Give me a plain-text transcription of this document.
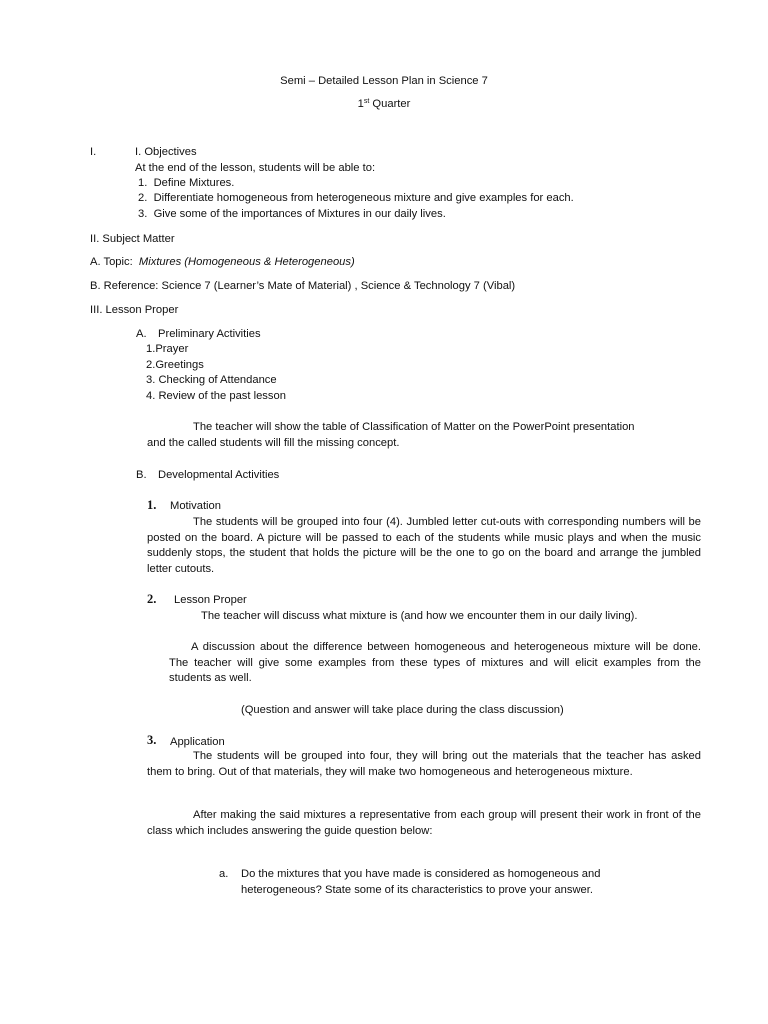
Semi – Detailed Lesson Plan in Science 7
1st Quarter
I.	I. Objectives
At the end of the lesson, students will be able to:
1. Define Mixtures.
2. Differentiate homogeneous from heterogeneous mixture and give examples for each.
3. Give some of the importances of Mixtures in our daily lives.
II. Subject Matter
A. Topic: Mixtures (Homogeneous & Heterogeneous)
B. Reference: Science 7 (Learner’s Mate of Material) , Science & Technology 7 (Vibal)
III. Lesson Proper
A. Preliminary Activities
1.Prayer
2.Greetings
3. Checking of Attendance
4. Review of the past lesson
The teacher will show the table of Classification of Matter on the PowerPoint presentation
and the called students will fill the missing concept.
B. Developmental Activities
1. Motivation
The students will be grouped into four (4). Jumbled letter cut-outs with corresponding numbers will be posted on the board. A picture will be passed to each of the students while music plays and when the music suddenly stops, the student that holds the picture will be the one to go on the board and arrange the jumbled letter cutouts.
2. Lesson Proper
The teacher will discuss what mixture is (and how we encounter them in our daily living).
A discussion about the difference between homogeneous and heterogeneous mixture will be done. The teacher will give some examples from these types of mixtures and will elicit examples from the students as well.
(Question and answer will take place during the class discussion)
3. Application
The students will be grouped into four, they will bring out the materials that the teacher has asked them to bring. Out of that materials, they will make two homogeneous and heterogeneous mixture.
After making the said mixtures a representative from each group will present their work in front of the class which includes answering the guide question below:
a. Do the mixtures that you have made is considered as homogeneous and
heterogeneous? State some of its characteristics to prove your answer.
